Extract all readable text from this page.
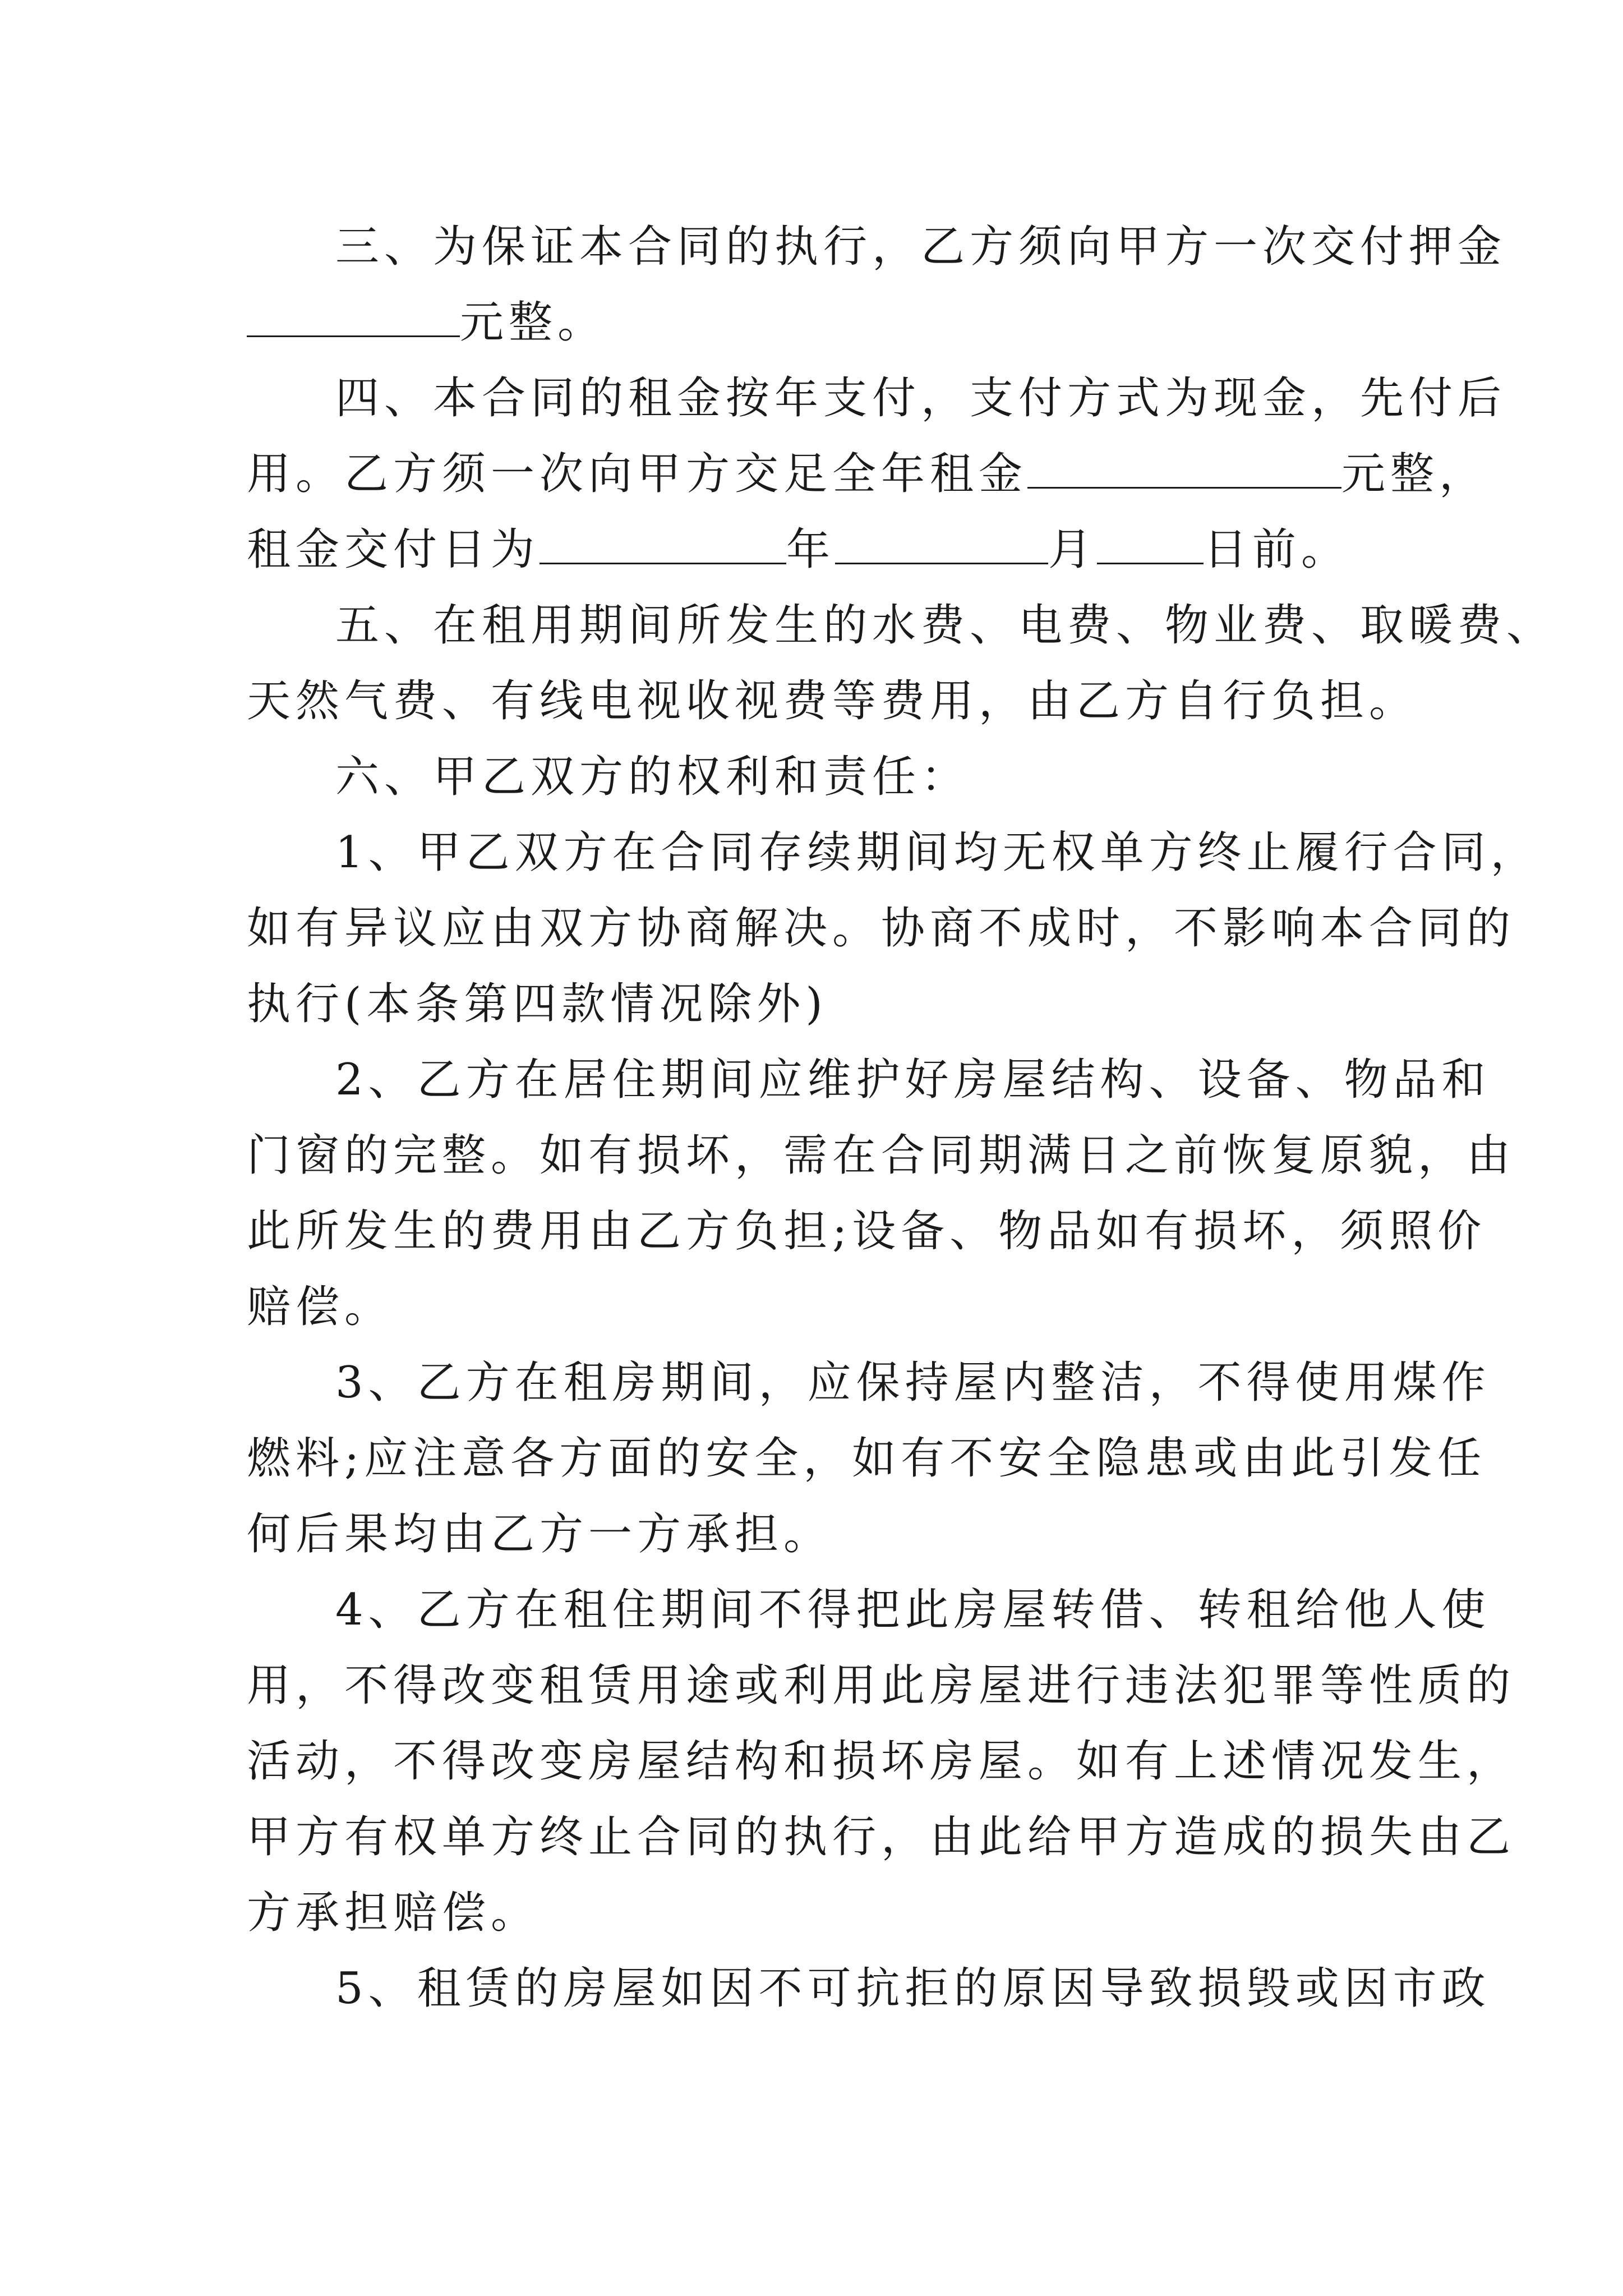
三、为保证本合同的执行，乙方须向甲方一次交付押金
元整。
四、本合同的租金按年支付，支付方式为现金，先付后
用。乙方须一次向甲方交足全年租金	元整，
租金交付日为	年	月 日前。
五、在租用期间所发生的水费、电费、物业费、取暖费、
天然气费、有线电视收视费等费用，由乙方自行负担。
六、甲乙双方的权利和责任：
1、甲乙双方在合同存续期间均无权单方终止履行合同，
如有异议应由双方协商解决。协商不成时，不影响本合同的
执行(本条第四款情况除外)
2、乙方在居住期间应维护好房屋结构、设备、物品和
门窗的完整。如有损坏，需在合同期满日之前恢复原貌，由
此所发生的费用由乙方负担;设备、物品如有损坏，须照价
赔偿。
3、乙方在租房期间，应保持屋内整洁，不得使用煤作
燃料;应注意各方面的安全，如有不安全隐患或由此引发任
何后果均由乙方一方承担。
4、乙方在租住期间不得把此房屋转借、转租给他人使
用，不得改变租赁用途或利用此房屋进行违法犯罪等性质的
活动，不得改变房屋结构和损坏房屋。如有上述情况发生，
甲方有权单方终止合同的执行，由此给甲方造成的损失由乙
方承担赔偿。
5、租赁的房屋如因不可抗拒的原因导致损毁或因市政
